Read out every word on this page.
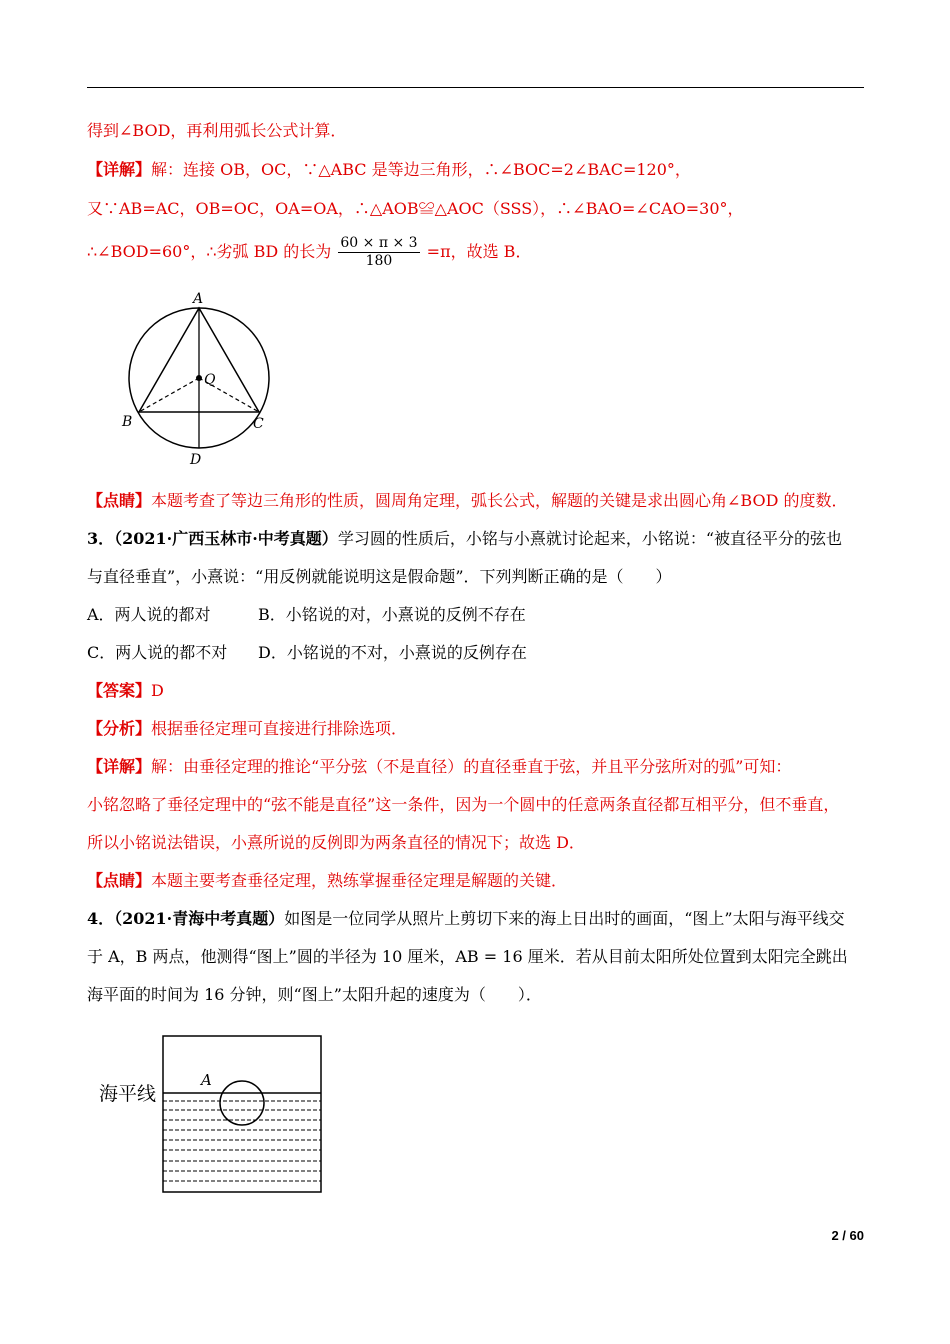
得到∠BOD，再利用弧长公式计算．
【详解】解：连接 OB，OC，∵△ABC 是等边三角形，∴∠BOC=2∠BAC=120°，
又∵AB=AC，OB=OC，OA=OA，∴△AOB≌△AOC（SSS），∴∠BAO=∠CAO=30°，
∴∠BOD=60°，∴劣弧 BD 的长为 $\frac{60 \times \pi \times 3}{180} =\pi$，故选 B．
A
Q
B	C
D
【点睛】本题考查了等边三角形的性质，圆周角定理，弧长公式，解题的关键是求出圆心角∠BOD 的度数．
3．（2021·广西玉林市·中考真题）学习圆的性质后，小铭与小熹就讨论起来，小铭说：“被直径平分的弦也
与直径垂直”，小熹说：“用反例就能说明这是假命题”．下列判断正确的是（　　）
A．两人说的都对	B．小铭说的对，小熹说的反例不存在
C．两人说的都不对 D．小铭说的不对，小熹说的反例存在
【答案】D
【分析】根据垂径定理可直接进行排除选项．
【详解】解：由垂径定理的推论“平分弦（不是直径）的直径垂直于弦，并且平分弦所对的弧”可知：
小铭忽略了垂径定理中的“弦不能是直径”这一条件，因为一个圆中的任意两条直径都互相平分，但不垂直，
所以小铭说法错误，小熹所说的反例即为两条直径的情况下；故选 D．
【点睛】本题主要考查垂径定理，熟练掌握垂径定理是解题的关键．
4．（2021·青海中考真题）如图是一位同学从照片上剪切下来的海上日出时的画面，“图上”太阳与海平线交
于 A，B 两点，他测得“图上”圆的半径为 10 厘米，AB = 16 厘米．若从目前太阳所处位置到太阳完全跳出
海平面的时间为 16 分钟，则“图上”太阳升起的速度为（　　）．
A
海平线
2 / 60
